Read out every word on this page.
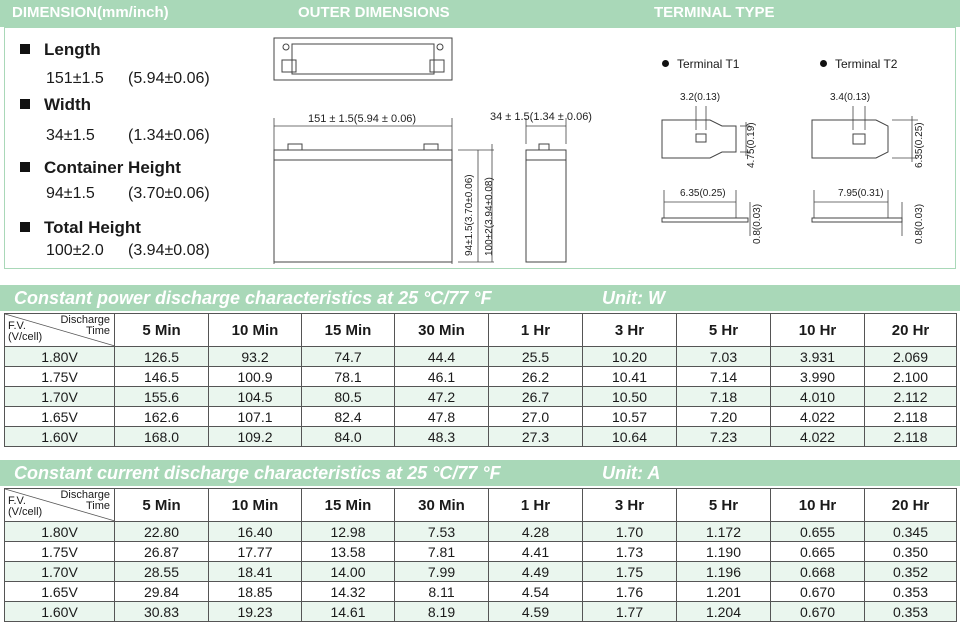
DIMENSION(mm/inch)	OUTER DIMENSIONS	TERMINAL TYPE
Length
151±1.5 (5.94±0.06)
Width
34±1.5 (1.34±0.06)
Container Height
94±1.5 (3.70±0.06)
Total Height
100±2.0 (3.94±0.08)
151 ± 1.5(5.94 ± 0.06)
94±1.5(3.70±0.06) 100±2(3.94±0.08)
34 ± 1.5(1.34 ± 0.06)
Terminal T1	Terminal T2
3.2(0.13)
4.75(0.19)
6.35(0.25)
0.8(0.03)
3.4(0.13)
6.35(0.25)
7.95(0.31)
0.8(0.03)
Constant power discharge characteristics at 25 °C/77 °F	Unit: W
Discharge
Time
F.V.
(V/cell)	5 Min	10 Min	15 Min	30 Min	1 Hr	3 Hr	5 Hr	10 Hr	20 Hr
1.80V	126.5	93.2	74.7	44.4	25.5	10.20	7.03	3.931	2.069
1.75V	146.5	100.9	78.1	46.1	26.2	10.41	7.14	3.990	2.100
1.70V	155.6	104.5	80.5	47.2	26.7	10.50	7.18	4.010	2.112
1.65V	162.6	107.1	82.4	47.8	27.0	10.57	7.20	4.022	2.118
1.60V	168.0	109.2	84.0	48.3	27.3	10.64	7.23	4.022	2.118
Constant current discharge characteristics at 25 °C/77 °F	Unit: A
Discharge
Time
F.V.
(V/cell)	5 Min	10 Min	15 Min	30 Min	1 Hr	3 Hr	5 Hr	10 Hr	20 Hr
1.80V	22.80	16.40	12.98	7.53	4.28	1.70	1.172	0.655	0.345
1.75V	26.87	17.77	13.58	7.81	4.41	1.73	1.190	0.665	0.350
1.70V	28.55	18.41	14.00	7.99	4.49	1.75	1.196	0.668	0.352
1.65V	29.84	18.85	14.32	8.11	4.54	1.76	1.201	0.670	0.353
1.60V	30.83	19.23	14.61	8.19	4.59	1.77	1.204	0.670	0.353
